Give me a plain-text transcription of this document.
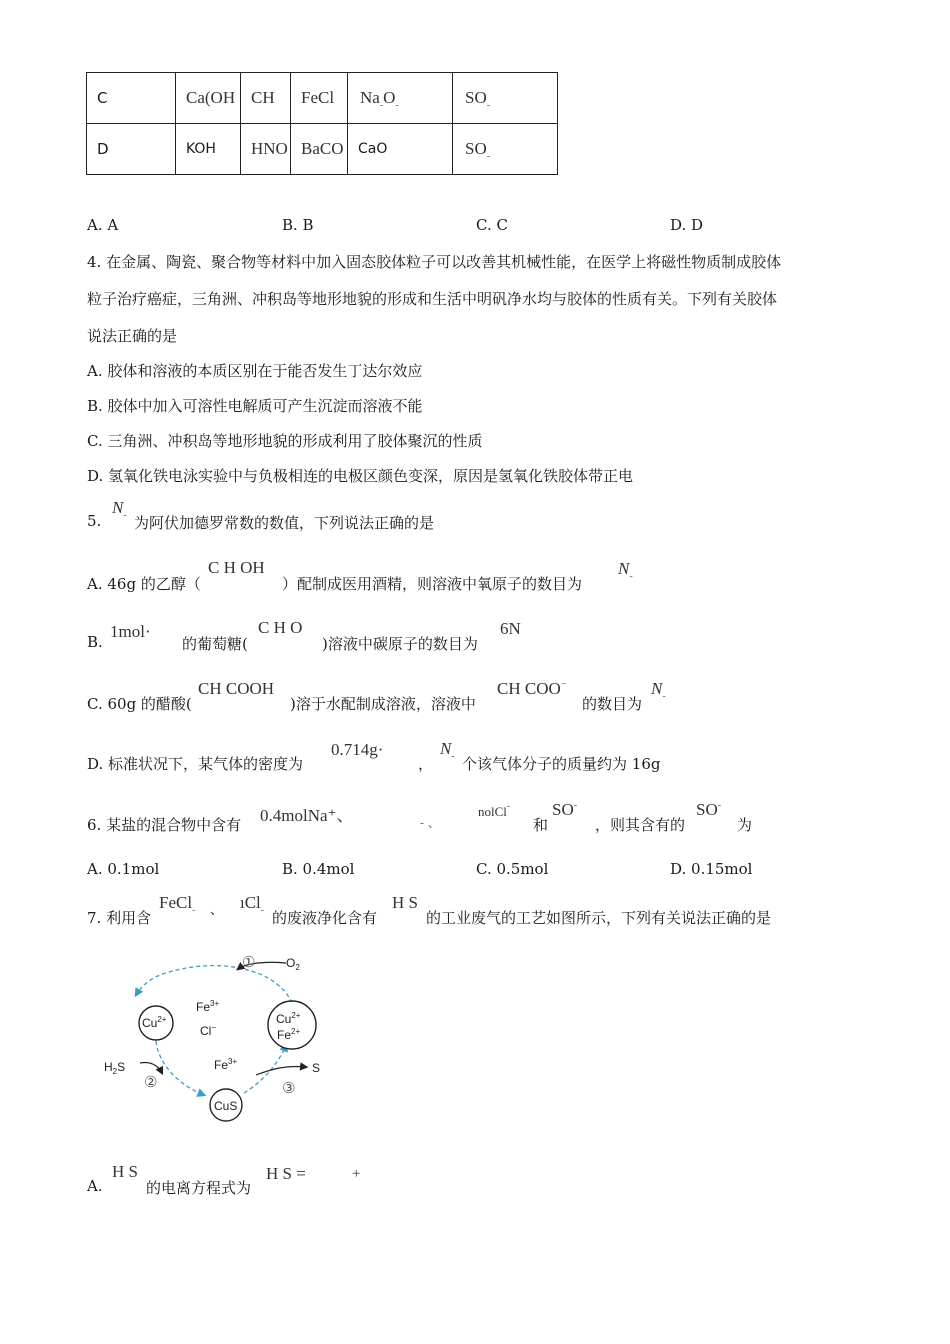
C	Ca(OH	CH	FeCl	$Na_-O_-$	$SO_-$

D	KOH	HNO	BaCO	CaO	$SO_-$
A. A	B. B	C. C	D. D
4. 在金属、陶瓷、聚合物等材料中加入固态胶体粒子可以改善其机械性能，在医学上将磁性物质制成胶体
粒子治疗癌症，三角洲、冲积岛等地形地貌的形成和生活中明矾净水均与胶体的性质有关。下列有关胶体
说法正确的是
A. 胶体和溶液的本质区别在于能否发生丁达尔效应
B. 胶体中加入可溶性电解质可产生沉淀而溶液不能
C. 三角洲、冲积岛等地形地貌的形成利用了胶体聚沉的性质
D. 氢氧化铁电泳实验中与负极相连的电极区颜色变深，原因是氢氧化铁胶体带正电
5.
$N_-$ 为阿伏加德罗常数的数值，下列说法正确的是
A. 46g 的乙醇（
C H OH
）配制成医用酒精，则溶液中氧原子的数目为
$N_-$
B.
1mol·
的葡萄糖(
C H O
)溶液中碳原子的数目为
6N
C. 60g 的醋酸(
CH COOH
)溶于水配制成溶液，溶液中
CH COO−
的数目为
$N_-$
D. 标准状况下，某气体的密度为
0.714g·
，
$N_-$ 个该气体分子的质量约为 16g
6. 某盐的混合物中含有 0.4molNa⁺、	- 、
nolCl-
和
SO-
，则其含有的
SO-
为
A. 0.1mol	B. 0.4mol	C. 0.5mol	D. 0.15mol
7. 利用含
FeCl$_-$ 、 ıCl$_-$ 的废液净化含有
H S
的工业废气的工艺如图所示，下列有关说法正确的是
$O_2$
①
②	③
$Fe^{3+}$
Cl−
$Cu^{2+}$	$Cu^{2+}$
$Fe^{2+}$
$Fe^{3+}$
$H_2S$
CuS
S
A.
H S
的电离方程式为
H S =	+
